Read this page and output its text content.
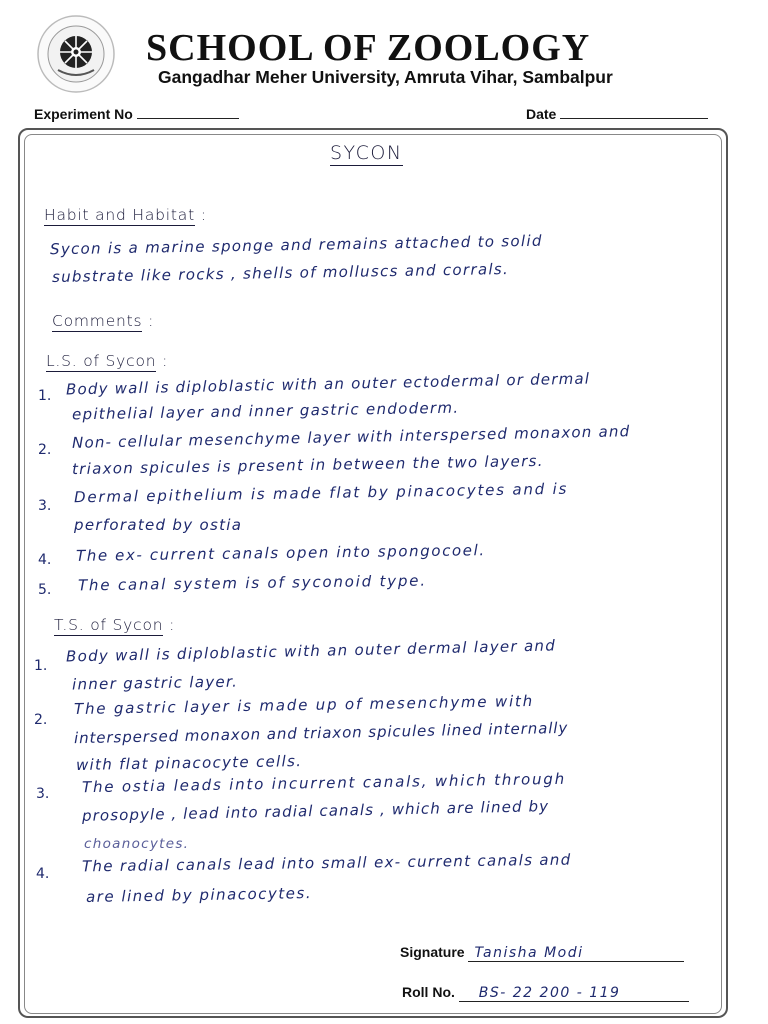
SCHOOL OF ZOOLOGY
Gangadhar Meher University, Amruta Vihar, Sambalpur
Experiment No	Date
SYCON
Habit and Habitat :
Sycon is a marine sponge and remains attached to solid
substrate like rocks , shells of molluscs and corrals.
Comments :
L.S. of Sycon :
1. Body wall is diploblastic with an outer ectodermal or dermal
epithelial layer and inner gastric endoderm.
2. Non- cellular mesenchyme layer with interspersed monaxon and
triaxon spicules is present in between the two layers.
3. Dermal epithelium is made flat by pinacocytes and is
perforated by ostia
4. The ex- current canals open into spongocoel.
5. The canal system is of syconoid type.
T.S. of Sycon :
1.
Body wall is diploblastic with an outer dermal layer and
inner gastric layer.
2.
The gastric layer is made up of mesenchyme with
interspersed monaxon and triaxon spicules lined internally
with flat pinacocyte cells.
3. The ostia leads into incurrent canals, which through
prosopyle , lead into radial canals , which are lined by
choanocytes.
4. The radial canals lead into small ex- current canals and
are lined by pinacocytes.
Signature Tanisha Modi
Roll No. BS- 22 200 - 119
